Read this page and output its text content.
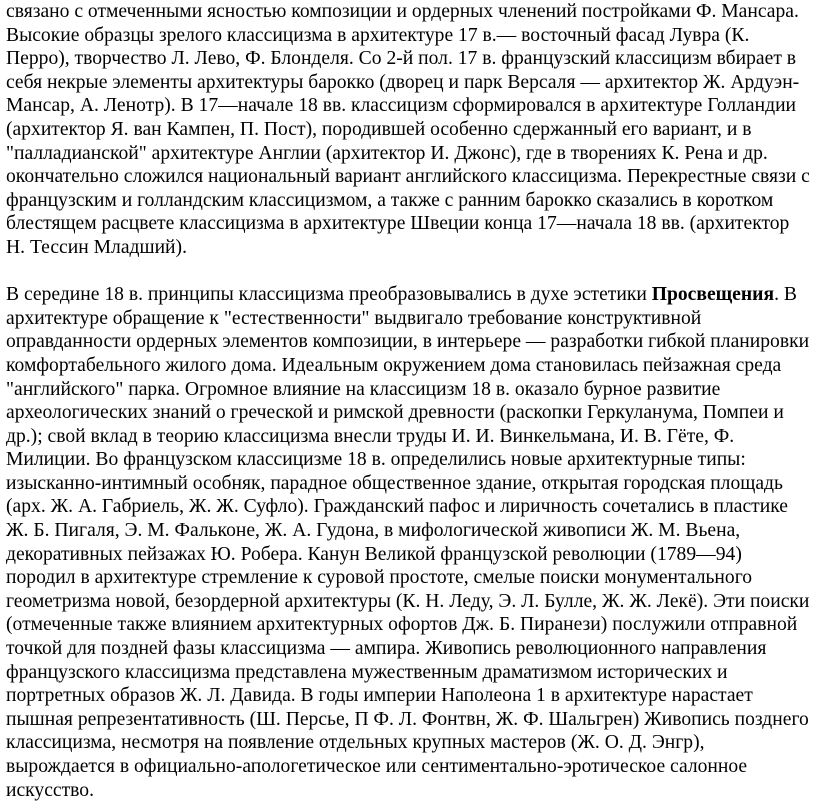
связано с отмеченными ясностью композиции и ордерных членений постройками Ф. Мансара. Высокие образцы зрелого классицизма в архитектуре 17 в.— восточный фасад Лувра (К. Перро), творчество Л. Лево, Ф. Блонделя. Со 2-й пол. 17 в. французский классицизм вбирает в себя некрые элементы архитектуры барокко (дворец и парк Версаля — архитектор Ж. Ардуэн-Мансар, А. Ленотр). В 17—начале 18 вв. классицизм сформировался в архитектуре Голландии (архитектор Я. ван Кампен, П. Пост), породившей особенно сдержанный его вариант, и в "палладианской" архитектуре Англии (архитектор И. Джонс), где в творениях К. Рена и др. окончательно сложился национальный вариант английского классицизма. Перекрестные связи с французским и голландским классицизмом, а также с ранним барокко сказались в коротком блестящем расцвете классицизма в архитектуре Швеции конца 17—начала 18 вв. (архитектор Н. Тессин Младший).

В середине 18 в. принципы классицизма преобразовывались в духе эстетики Просвещения. В архитектуре обращение к "естественности" выдвигало требование конструктивной оправданности ордерных элементов композиции, в интерьере — разработки гибкой планировки комфортабельного жилого дома. Идеальным окружением дома становилась пейзажная среда "английского" парка. Огромное влияние на классицизм 18 в. оказало бурное развитие археологических знаний о греческой и римской древности (раскопки Геркуланума, Помпеи и др.); свой вклад в теорию классицизма внесли труды И. И. Винкельмана, И. В. Гёте, Ф. Милиции. Во французском классицизме 18 в. определились новые архитектурные типы: изысканно-интимный особняк, парадное общественное здание, открытая городская площадь (арх. Ж. А. Габриель, Ж. Ж. Суфло). Гражданский пафос и лиричность сочетались в пластике Ж. Б. Пигаля, Э. М. Фальконе, Ж. А. Гудона, в мифологической живописи Ж. М. Вьена, декоративных пейзажах Ю. Робера. Канун Великой французской революции (1789—94) породил в архитектуре стремление к суровой простоте, смелые поиски монументального геометризма новой, безордерной архитектуры (К. Н. Леду, Э. Л. Булле, Ж. Ж. Лекё). Эти поиски (отмеченные также влиянием архитектурных офортов Дж. Б. Пиранези) послужили отправной точкой для поздней фазы классицизма — ампира. Живопись революционного направления французского классицизма представлена мужественным драматизмом исторических и портретных образов Ж. Л. Давида. В годы империи Наполеона 1 в архитектуре нарастает пышная репрезентативность (Ш. Персье, П Ф. Л. Фонтвн, Ж. Ф. Шальгрен) Живопись позднего классицизма, несмотря на появление отдельных крупных мастеров (Ж. О. Д. Энгр), вырождается в официально-апологетическое или сентиментально-эротическое салонное искусство.
